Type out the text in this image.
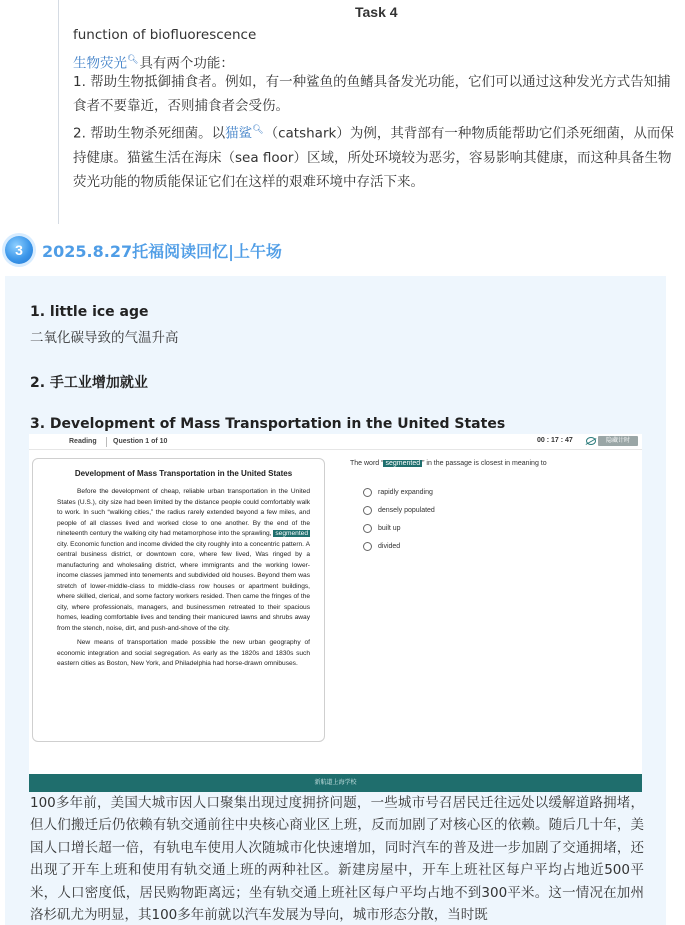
Task 4
function of biofluorescence
生物荧光🔍︎具有两个功能：
1. 帮助生物抵御捕食者。例如，有一种鲨鱼的鱼鳍具备发光功能，它们可以通过这种发光方式告知捕食者不要靠近，否则捕食者会受伤。
2. 帮助生物杀死细菌。以猫鲨🔍︎（catshark）为例，其背部有一种物质能帮助它们杀死细菌，从而保持健康。猫鲨生活在海床（sea floor）区域，所处环境较为恶劣，容易影响其健康，而这种具备生物荧光功能的物质能保证它们在这样的艰难环境中存活下来。
3	2025.8.27托福阅读回忆|上午场
1. little ice age
二氧化碳导致的气温升高
2. 手工业增加就业
3. Development of Mass Transportation in the United States
Reading Question 1 of 10	00 : 17 : 47	隐藏计时
Development of Mass Transportation in the United States

Before the development of cheap, reliable urban transportation in the United States (U.S.), city size had been limited by the distance people could comfortably walk to work. In such “walking cities,” the radius rarely extended beyond a few miles, and people of all classes lived and worked close to one another. By the end of the nineteenth century the walking city had metamorphose into the sprawling, segmented city. Economic function and income divided the city roughly into a concentric pattern. A central business district, or downtown core, where few lived, Was ringed by a manufacturing and wholesaling district, where immigrants and the working lower-income classes jammed into tenements and subdivided old houses. Beyond them was stretch of lower-middle-class to middle-class row houses or apartment buildings, where skilled, clerical, and some factory workers resided. Then came the fringes of the city, where professionals, managers, and businessmen retreated to their spacious homes, leading comfortable lives and tending their manicured lawns and shrubs away from the stench, noise, dirt, and push-and-shove of the city.

New means of transportation made possible the new urban geography of economic integration and social segregation. As early as the 1820s and 1830s such eastern cities as Boston, New York, and Philadelphia had horse-drawn omnibuses.

The word “ segmented ” in the passage is closest in meaning to
rapidly expanding
densely populated
built up
divided
新航道上海学校
100多年前，美国大城市因人口聚集出现过度拥挤问题，一些城市号召居民迁往远处以缓解道路拥堵，但人们搬迁后仍依赖有轨交通前往中央核心商业区上班，反而加剧了对核心区的依赖。随后几十年，美国人口增长超一倍，有轨电车使用人次随城市化快速增加，同时汽车的普及进一步加剧了交通拥堵，还出现了开车上班和使用有轨交通上班的两种社区。新建房屋中，开车上班社区每户平均占地近500平米，人口密度低，居民购物距离远；坐有轨交通上班社区每户平均占地不到300平米。这一情况在加州洛杉矶尤为明显，其100多年前就以汽车发展为导向，城市形态分散，当时既
